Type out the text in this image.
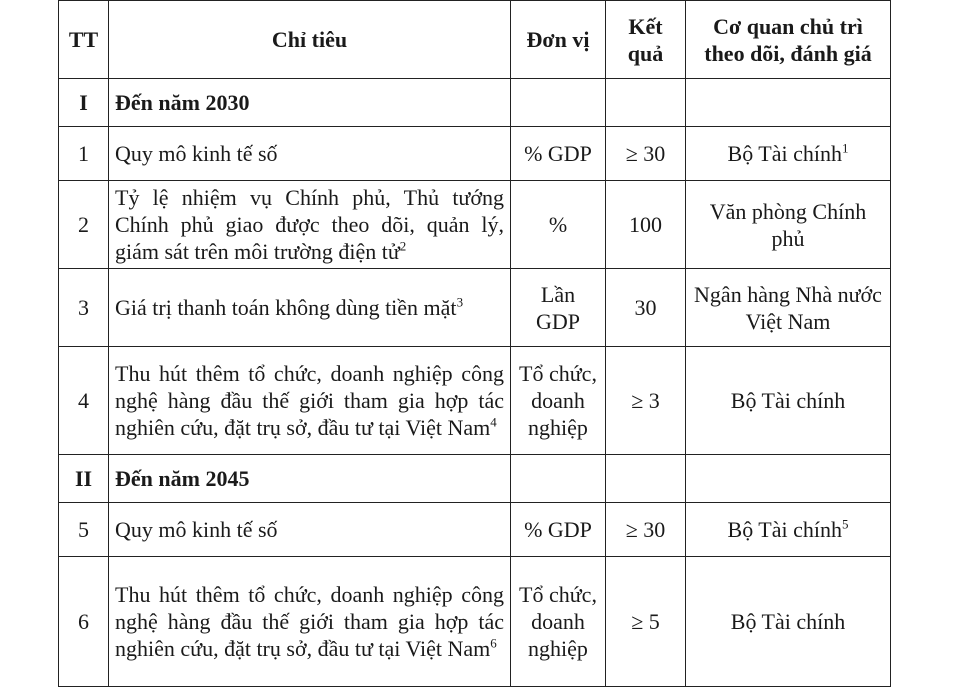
TT	Chỉ tiêu	Đơn vị	Kết quả	Cơ quan chủ trì theo dõi, đánh giá
I	Đến năm 2030			
1	Quy mô kinh tế số	% GDP	≥ 30	Bộ Tài chính$^1$
2	Tỷ lệ nhiệm vụ Chính phủ, Thủ tướng Chính phủ giao được theo dõi, quản lý, giám sát trên môi trường điện tử$^2$	%	100	Văn phòng Chính phủ
3	Giá trị thanh toán không dùng tiền mặt$^3$	Lần GDP	30	Ngân hàng Nhà nước Việt Nam
4	Thu hút thêm tổ chức, doanh nghiệp công nghệ hàng đầu thế giới tham gia hợp tác nghiên cứu, đặt trụ sở, đầu tư tại Việt Nam$^4$	Tổ chức, doanh nghiệp	≥ 3	Bộ Tài chính
II	Đến năm 2045			
5	Quy mô kinh tế số	% GDP	≥ 30	Bộ Tài chính$^5$
6	Thu hút thêm tổ chức, doanh nghiệp công nghệ hàng đầu thế giới tham gia hợp tác nghiên cứu, đặt trụ sở, đầu tư tại Việt Nam$^6$	Tổ chức, doanh nghiệp	≥ 5	Bộ Tài chính
